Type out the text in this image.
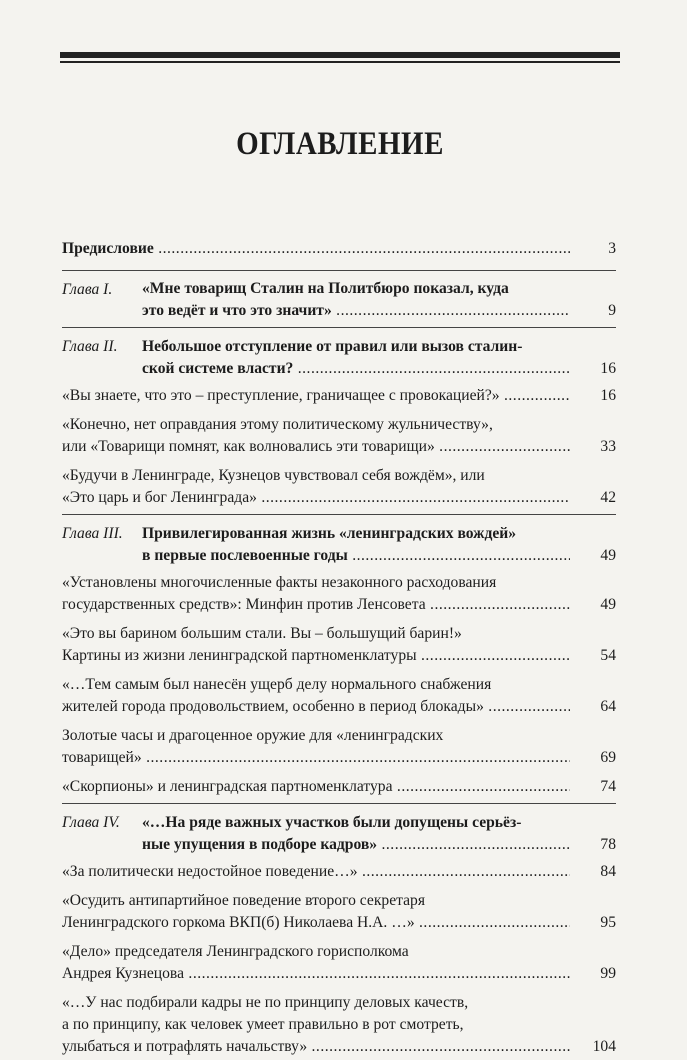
ОГЛАВЛЕНИЕ
Предисловие .....	3
Глава I. «Мне товарищ Сталин на Политбюро показал, куда
это ведёт и что это значит» .....	9
Глава II. Небольшое отступление от правил или вызов сталин-
ской системе власти? .....	16
«Вы знаете, что это – преступление, граничащее с провокацией?» .....	16
«Конечно, нет оправдания этому политическому жульничеству»,
или «Товарищи помнят, как волновались эти товарищи» .....	33
«Будучи в Ленинграде, Кузнецов чувствовал себя вождём», или
«Это царь и бог Ленинграда» .....	42
Глава III. Привилегированная жизнь «ленинградских вождей»
в первые послевоенные годы .....	49
«Установлены многочисленные факты незаконного расходования
государственных средств»: Минфин против Ленсовета .....	49
«Это вы барином большим стали. Вы – большущий барин!»
Картины из жизни ленинградской партноменклатуры .....	54
«…Тем самым был нанесён ущерб делу нормального снабжения
жителей города продовольствием, особенно в период блокады» .....	64
Золотые часы и драгоценное оружие для «ленинградских
товарищей» .....	69
«Скорпионы» и ленинградская партноменклатура .....	74
Глава IV. «…На ряде важных участков были допущены серьёз-
ные упущения в подборе кадров» .....	78
«За политически недостойное поведение…» .....	84
«Осудить антипартийное поведение второго секретаря
Ленинградского горкома ВКП(б) Николаева Н.А. …» .....	95
«Дело» председателя Ленинградского горисполкома
Андрея Кузнецова .....	99
«…У нас подбирали кадры не по принципу деловых качеств,
а по принципу, как человек умеет правильно в рот смотреть,
улыбаться и потрафлять начальству» .....	104
